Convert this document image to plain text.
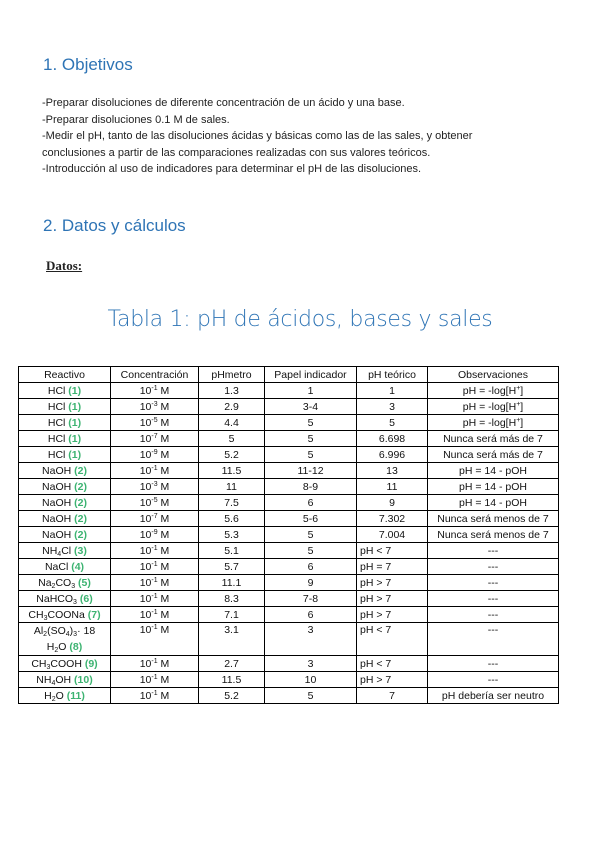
1. Objetivos
-Preparar disoluciones de diferente concentración de un ácido y una base.
-Preparar disoluciones 0.1 M de sales.
-Medir el pH, tanto de las disoluciones ácidas y básicas como las de las sales, y obtener
conclusiones a partir de las comparaciones realizadas con sus valores teóricos.
-Introducción al uso de indicadores para determinar el pH de las disoluciones.
2. Datos y cálculos
Datos:
Tabla 1: pH de ácidos, bases y sales
Reactivo	Concentración	pHmetro	Papel indicador	pH teórico	Observaciones
HCl (1)	$10^{-1}$ M	1.3	1	1	pH = -log[H+]
HCl (1)	$10^{-3}$ M	2.9	3-4	3	pH = -log[H+]
HCl (1)	$10^{-5}$ M	4.4	5	5	pH = -log[H+]
HCl (1)	$10^{-7}$ M	5	5	6.698	Nunca será más de 7
HCl (1)	$10^{-9}$ M	5.2	5	6.996	Nunca será más de 7
NaOH (2)	$10^{-1}$ M	11.5	11-12	13	pH = 14 - pOH
NaOH (2)	$10^{-3}$ M	11	8-9	11	pH = 14 - pOH
NaOH (2)	$10^{-5}$ M	7.5	6	9	pH = 14 - pOH
NaOH (2)	$10^{-7}$ M	5.6	5-6	7.302	Nunca será menos de 7
NaOH (2)	$10^{-9}$ M	5.3	5	7.004	Nunca será menos de 7
$NH_4Cl$ (3)	$10^{-1}$ M	5.1	5	pH < 7	---
NaCl (4)	$10^{-1}$ M	5.7	6	pH = 7	---
$Na_2CO_3$ (5)	$10^{-1}$ M	11.1	9	pH > 7	---
NaHCO$_3$ (6)	$10^{-1}$ M	8.3	7-8	pH > 7	---
$CH_3COONa$ (7)	$10^{-1}$ M	7.1	6	pH > 7	---
$Al_2(SO_4)_3\cdot 18$
$H_2O$ (8)	$10^{-1}$ M	3.1	3	pH < 7	---
$CH_3COOH$ (9)	$10^{-1}$ M	2.7	3	pH < 7	---
$NH_4OH$ (10)	$10^{-1}$ M	11.5	10	pH > 7	---
$H_2O$ (11)	$10^{-1}$ M	5.2	5	7	pH debería ser neutro
